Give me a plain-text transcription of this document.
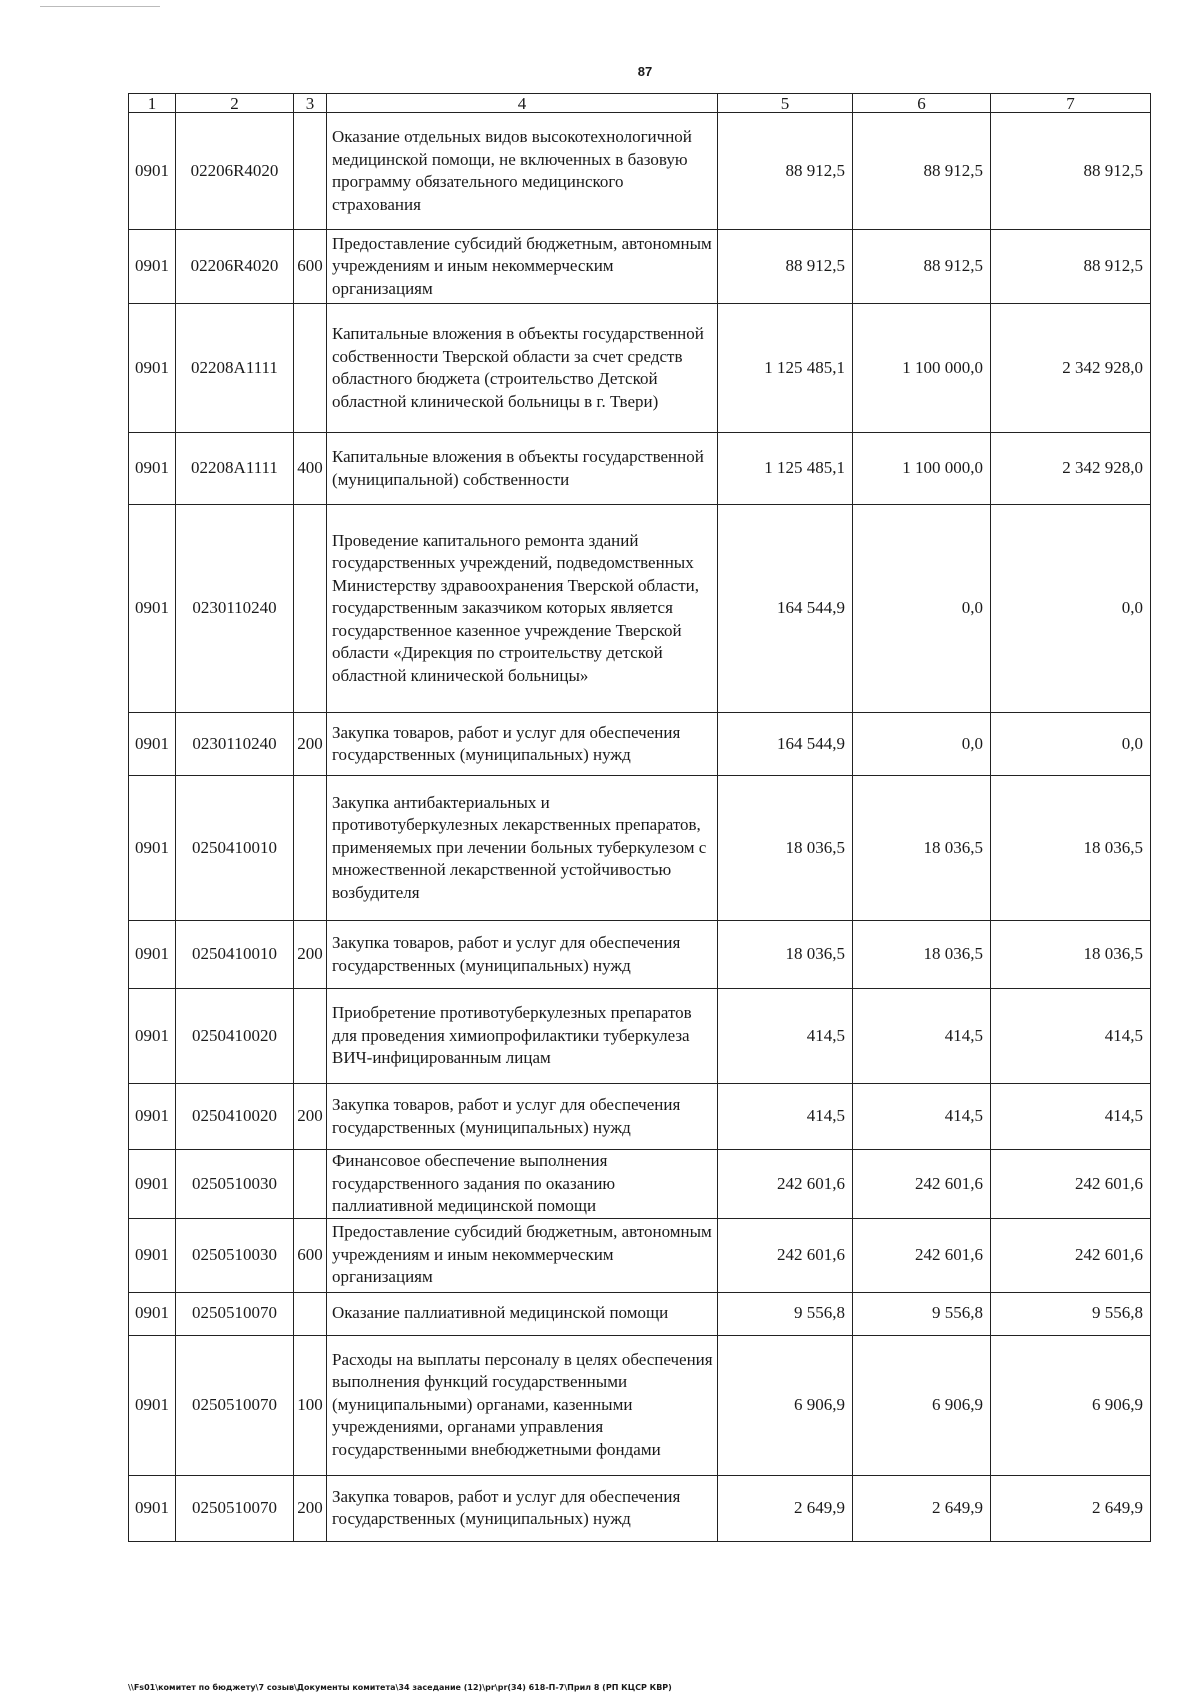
87
1	2	3	4	5	6	7
0901	02206R4020		Оказание отдельных видов высокотехнологичной медицинской помощи, не включенных в базовую программу обязательного медицинского страхования	88 912,5	88 912,5	88 912,5
0901	02206R4020	600	Предоставление субсидий бюджетным, автономным учреждениям и иным некоммерческим организациям	88 912,5	88 912,5	88 912,5
0901	02208А1111		Капитальные вложения в объекты государственной собственности Тверской области за счет средств областного бюджета (строительство Детской областной клинической больницы в г. Твери)	1 125 485,1	1 100 000,0	2 342 928,0
0901	02208А1111	400	Капитальные вложения в объекты государственной (муниципальной) собственности	1 125 485,1	1 100 000,0	2 342 928,0
0901	0230110240		Проведение капитального ремонта зданий государственных учреждений, подведомственных Министерству здравоохранения Тверской области, государственным заказчиком которых является государственное казенное учреждение Тверской области «Дирекция по строительству детской областной клинической больницы»	164 544,9	0,0	0,0
0901	0230110240	200	Закупка товаров, работ и услуг для обеспечения государственных (муниципальных) нужд	164 544,9	0,0	0,0
0901	0250410010		Закупка антибактериальных и противотуберкулезных лекарственных препаратов, применяемых при лечении больных туберкулезом с множественной лекарственной устойчивостью возбудителя	18 036,5	18 036,5	18 036,5
0901	0250410010	200	Закупка товаров, работ и услуг для обеспечения государственных (муниципальных) нужд	18 036,5	18 036,5	18 036,5
0901	0250410020		Приобретение противотуберкулезных препаратов для проведения химиопрофилактики туберкулеза ВИЧ-инфицированным лицам	414,5	414,5	414,5
0901	0250410020	200	Закупка товаров, работ и услуг для обеспечения государственных (муниципальных) нужд	414,5	414,5	414,5
0901	0250510030		Финансовое обеспечение выполнения государственного задания по оказанию паллиативной медицинской помощи	242 601,6	242 601,6	242 601,6
0901	0250510030	600	Предоставление субсидий бюджетным, автономным учреждениям и иным некоммерческим организациям	242 601,6	242 601,6	242 601,6
0901	0250510070		Оказание паллиативной медицинской помощи	9 556,8	9 556,8	9 556,8
0901	0250510070	100	Расходы на выплаты персоналу в целях обеспечения выполнения функций государственными (муниципальными) органами, казенными учреждениями, органами управления государственными внебюджетными фондами	6 906,9	6 906,9	6 906,9
0901	0250510070	200	Закупка товаров, работ и услуг для обеспечения государственных (муниципальных) нужд	2 649,9	2 649,9	2 649,9
\\Fs01\комитет по бюджету\7 созыв\Документы комитета\34 заседание (12)\pr\pr(34) 618-П-7\Прил 8 (РП КЦСР КВР)
